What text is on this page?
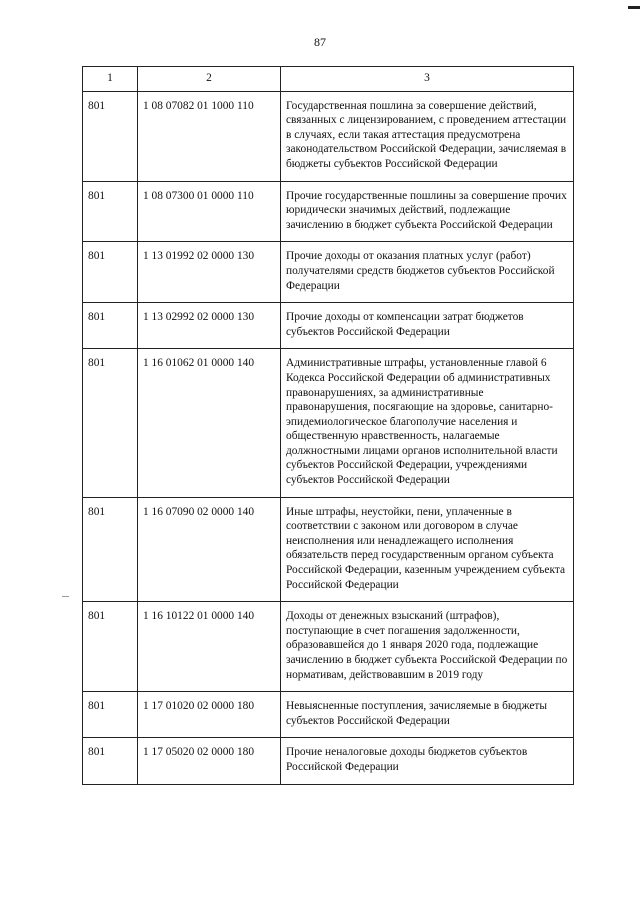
87
1	2	3
801	1 08 07082 01 1000 110	Государственная пошлина за совершение действий, связанных с лицензированием, с проведением аттестации в случаях, если такая аттестация предусмотрена законодательством Российской Федерации, зачисляемая в бюджеты субъектов Российской Федерации
801	1 08 07300 01 0000 110	Прочие государственные пошлины за совершение прочих юридически значимых действий, подлежащие зачислению в бюджет субъекта Российской Федерации
801	1 13 01992 02 0000 130	Прочие доходы от оказания платных услуг (работ) получателями средств бюджетов субъектов Российской Федерации
801	1 13 02992 02 0000 130	Прочие доходы от компенсации затрат бюджетов субъектов Российской Федерации
801	1 16 01062 01 0000 140	Административные штрафы, установленные главой 6 Кодекса Российской Федерации об административных правонарушениях, за административные правонарушения, посягающие на здоровье, санитарно-эпидемиологическое благополучие населения и общественную нравственность, налагаемые должностными лицами органов исполнительной власти субъектов Российской Федерации, учреждениями субъектов Российской Федерации
801	1 16 07090 02 0000 140	Иные штрафы, неустойки, пени, уплаченные в соответствии с законом или договором в случае неисполнения или ненадлежащего исполнения обязательств перед государственным органом субъекта Российской Федерации, казенным учреждением субъекта Российской Федерации
801	1 16 10122 01 0000 140	Доходы от денежных взысканий (штрафов), поступающие в счет погашения задолженности, образовавшейся до 1 января 2020 года, подлежащие зачислению в бюджет субъекта Российской Федерации по нормативам, действовавшим в 2019 году
801	1 17 01020 02 0000 180	Невыясненные поступления, зачисляемые в бюджеты субъектов Российской Федерации
801	1 17 05020 02 0000 180	Прочие неналоговые доходы бюджетов субъектов Российской Федерации
